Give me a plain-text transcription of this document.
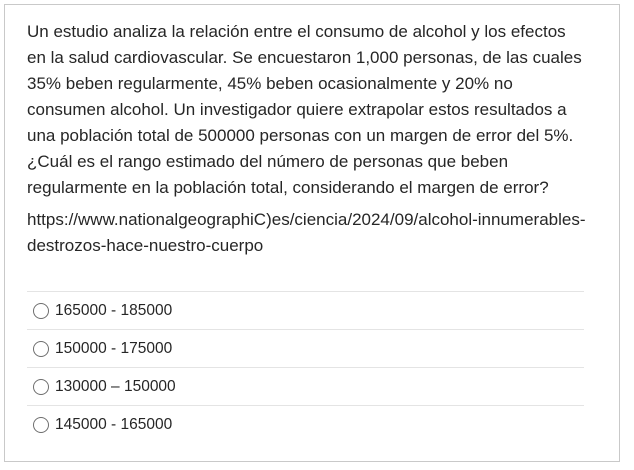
Un estudio analiza la relación entre el consumo de alcohol y los efectos en la salud cardiovascular. Se encuestaron 1,000 personas, de las cuales 35% beben regularmente, 45% beben ocasionalmente y 20% no consumen alcohol. Un investigador quiere extrapolar estos resultados a una población total de 500000 personas con un margen de error del 5%. ¿Cuál es el rango estimado del número de personas que beben regularmente en la población total, considerando el margen de error?

https://www.nationalgeographiC)es/ciencia/2024/09/alcohol-innumerables-destrozos-hace-nuestro-cuerpo

165000 - 185000
150000 - 175000
130000 – 150000
145000 - 165000
